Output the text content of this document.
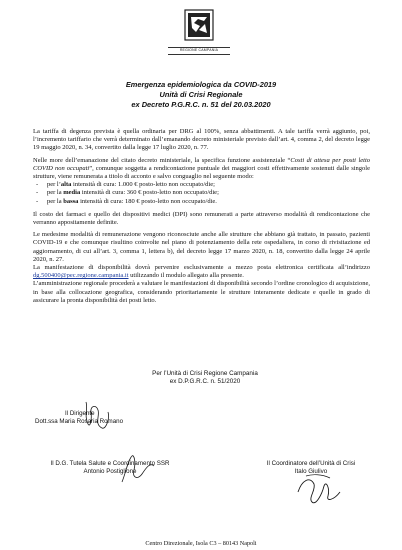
REGIONE CAMPANIA
Emergenza epidemiologica da COVID-2019
Unità di Crisi Regionale
ex Decreto P.G.R.C. n. 51 del 20.03.2020

La tariffa di degenza prevista è quella ordinaria per DRG al 100%, senza abbattimenti. A tale tariffa verrà aggiunto, poi, l’incremento tariffario che verrà determinato dall’emanando decreto ministeriale previsto dall’art. 4, comma 2, del decreto legge 19 maggio 2020, n. 34, convertito dalla legge 17 luglio 2020, n. 77.

Nelle more dell’emanazione del citato decreto ministeriale, la specifica funzione assistenziale “Costi di attesa per posti letto COVID non occupati”, comunque soggetta a rendicontazione puntuale dei maggiori costi effettivamente sostenuti dalle singole strutture, viene remunerata a titolo di acconto e salvo conguaglio nel seguente modo:

- per l’alta intensità di cura: 1.000 € posto-letto non occupato/die;
- per la media intensità di cura: 360 € posto-letto non occupato/die;
- per la bassa intensità di cura: 180 € posto-letto non occupato/die.

Il costo dei farmaci e quello dei dispositivi medici (DPI) sono remunerati a parte attraverso modalità di rendicontazione che verranno appositamente definite.

Le medesime modalità di remunerazione vengono riconosciute anche alle strutture che abbiano già trattato, in passato, pazienti COVID-19 e che comunque risultino coinvolte nel piano di potenziamento della rete ospedaliera, in corso di rivisitazione ed aggiornamento, di cui all’art. 3, comma 1, lettera b), del decreto legge 17 marzo 2020, n. 18, convertito dalla legge 24 aprile 2020, n. 27.

La manifestazione di disponibilità dovrà pervenire esclusivamente a mezzo posta elettronica certificata all’indirizzo dg.500400@pec.regione.campania.it utilizzando il modulo allegato alla presente.

L’amministrazione regionale procederà a valutare le manifestazioni di disponibilità secondo l’ordine cronologico di acquisizione, in base alla collocazione geografica, considerando prioritariamente le strutture interamente dedicate e quelle in grado di assicurare la pronta disponibilità dei posti letto.

Per l’Unità di Crisi Regione Campania
ex D.P.G.R.C. n. 51/2020
Il Dirigente
Dott.ssa Maria Rosaria Romano
Il D.G. Tutela Salute e Coordinamento SSR
Antonio Postiglione
Il Coordinatore dell’Unità di Crisi
Italo Giulivo
Centro Direzionale, Isola C3 – 80143 Napoli
